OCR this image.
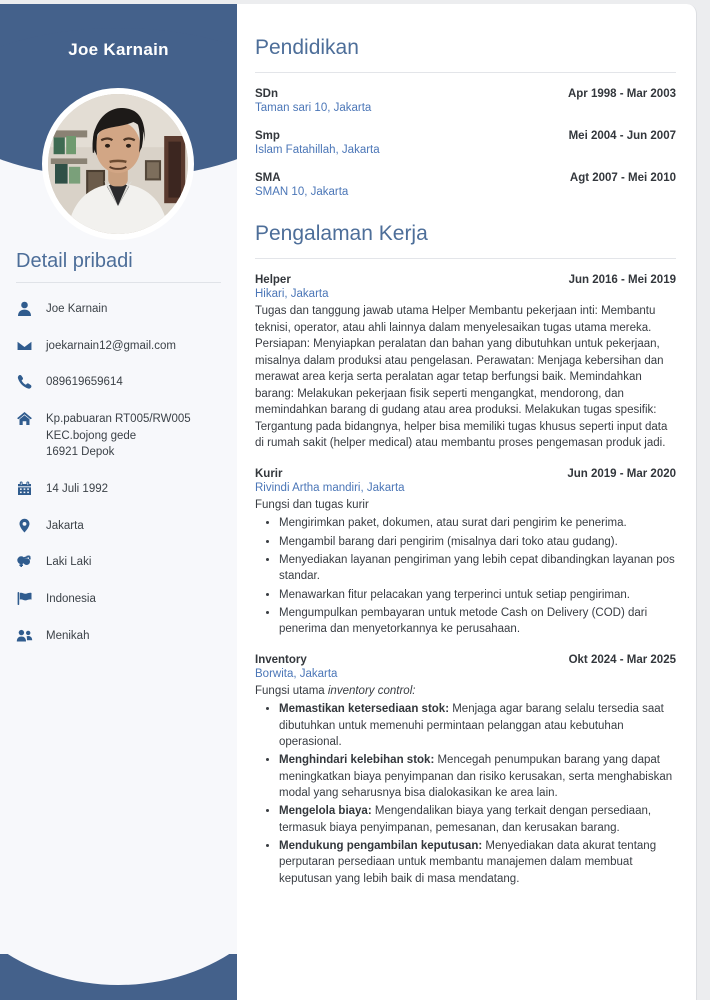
Joe Karnain
Detail pribadi
Joe Karnain
joekarnain12@gmail.com
089619659614
Kp.pabuaran RT005/RW005
KEC.bojong gede
16921 Depok
14 Juli 1992
Jakarta
Laki Laki
Indonesia
Menikah
Pendidikan
SDn	Apr 1998 - Mar 2003
Taman sari 10, Jakarta
Smp	Mei 2004 - Jun 2007
Islam Fatahillah, Jakarta
SMA	Agt 2007 - Mei 2010
SMAN 10, Jakarta
Pengalaman Kerja
Helper	Jun 2016 - Mei 2019
Hikari, Jakarta
Tugas dan tanggung jawab utama Helper Membantu pekerjaan inti: Membantu teknisi, operator, atau ahli lainnya dalam menyelesaikan tugas utama mereka. Persiapan: Menyiapkan peralatan dan bahan yang dibutuhkan untuk pekerjaan, misalnya dalam produksi atau pengelasan. Perawatan: Menjaga kebersihan dan merawat area kerja serta peralatan agar tetap berfungsi baik. Memindahkan barang: Melakukan pekerjaan fisik seperti mengangkat, mendorong, dan memindahkan barang di gudang atau area produksi. Melakukan tugas spesifik: Tergantung pada bidangnya, helper bisa memiliki tugas khusus seperti input data di rumah sakit (helper medical) atau membantu proses pengemasan produk jadi.
Kurir	Jun 2019 - Mar 2020
Rivindi Artha mandiri, Jakarta
Fungsi dan tugas kurir
• Mengirimkan paket, dokumen, atau surat dari pengirim ke penerima.
• Mengambil barang dari pengirim (misalnya dari toko atau gudang).
• Menyediakan layanan pengiriman yang lebih cepat dibandingkan layanan pos standar.
• Menawarkan fitur pelacakan yang terperinci untuk setiap pengiriman.
• Mengumpulkan pembayaran untuk metode Cash on Delivery (COD) dari penerima dan menyetorkannya ke perusahaan.
Inventory	Okt 2024 - Mar 2025
Borwita, Jakarta
Fungsi utama inventory control:
• Memastikan ketersediaan stok: Menjaga agar barang selalu tersedia saat dibutuhkan untuk memenuhi permintaan pelanggan atau kebutuhan operasional.
• Menghindari kelebihan stok: Mencegah penumpukan barang yang dapat meningkatkan biaya penyimpanan dan risiko kerusakan, serta menghabiskan modal yang seharusnya bisa dialokasikan ke area lain.
• Mengelola biaya: Mengendalikan biaya yang terkait dengan persediaan, termasuk biaya penyimpanan, pemesanan, dan kerusakan barang.
• Mendukung pengambilan keputusan: Menyediakan data akurat tentang perputaran persediaan untuk membantu manajemen dalam membuat keputusan yang lebih baik di masa mendatang.
